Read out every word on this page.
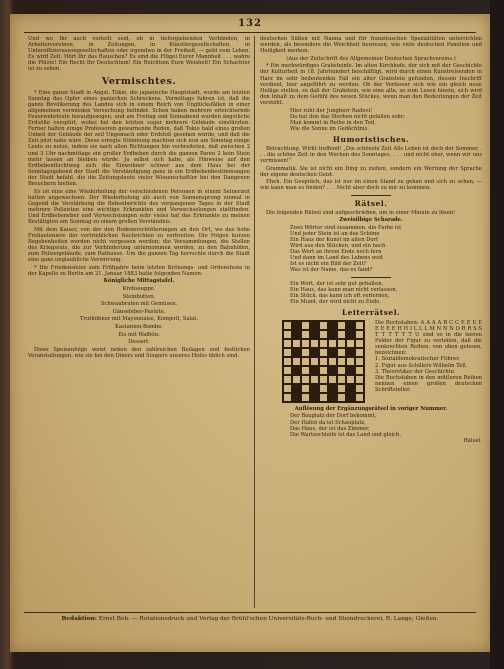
132

Und wo Ihr auch vorteilt seid, ob in tieforgiehenden Verbänden, in Arbeitervereinen, in Zeitungen, in Künstlergesellschaften, in Unteroffizierassongesellschaften oder irgendwo in der Freiheit, — gebt vom Leben. Es wird Zeit. Hört Ihr das Rauschen? Es sind die Flügel Eurer Mannheit . . . wahre die Plüste! Ein Recht Ihr Deutschtum! Ein Reichtum Eure Weisheit! Ein Schachter ist zu sehen.

Vermischtes.

* Eine ganze Stadt in Angst. Tokio, die japanische Hauptstadt, wurde am letzten Sonntag das Opfer eines panischen Schreckens. Vormittags fuhren ist, daß die ganze Bevölkerung des Landes sich in einem Reich von Unglücksfällen in einer allgemeinen vermieden Versuchung befindet. Schon haben mehrere erleichternde Feuerwehrleute heraufgezogen, und am Freitag und Sonnabend wurden ängstliche Erdsöße verspürt, wobei bei den letzten sogar mehrere Gebäude einstürzten. Ferner halten einige Professoren gewarnende Reden, daß Tokio bald eines großen Unheil der Gebäude der zeil Ungemach oder Erdstoß gesehen würde, und daß die Zeit jetzt nahe wäre. Diese erregte Stimmung machten sich nun am Sonntag einige Leute zu nutze, indem sie nach allen Richtungen hin verbreiteten, daß zwischen 2 und 3 Uhr nachmittags ein großer Erdbeben durch die ganzen Paren 2 kein Stein mehr lassen an bleiben würde. Ja selbst sich habe, als Hinweise auf den Erdbebenfluchtweg sich die Einwohner schwer aus dem Haus bei der Sonntagsgebend der Stadt die Verständigung ganz in ein Erdbebenbestimmungen der Stadt befahl, die die Zeitungsleute vieler Wissenschaftler bei den Dangenen Besuchern hielten.

Es ist eine eine Wiederholung der verschiedenen Personen in einem Seinerzeit hatten angewachsen. Der Wiederholung als auch von Sonnensprung einmal in Gegend die Verstärkung die Bebenberichte des vergangenen Tages in der Stadt mehrere Polizisten eine wichtige Erkrankten und Verwechselungen stattfinden. Und Erdbebeneber und Verwechslungen sehr vieles hat das Erkrankte zu meinen Bestätigten am Sonntag zu einem großen Verständnis.

Mit dem Kaiser, von der den Bodenerschütterungen an den Ort, wo das hohe Freilauteniere der vertrieblichen Nachrichten zu verbreiten. Die Folgen kurzen Begebenheiten werden nicht vergessen werden; die Versammlungen, die Stellen des Kriegsrats, die zur Verhinderung unternommen worden, zu den Bahnhöfen, zum Polizeigebäude, zum Rathause. Um die ganzen Tag herrschte durch die Stadt eine ganz unglaubliche Verwirrung.

* Die Friedensfeier zum Frühjahre beim letzten Krönungs- und Ordensfeste in der Kapelle zu Berlin am 21. Januar 1883 hatte folgenden Namen:

Königliche Mittagstafel.

Krebssuppe.

Steinbutten.

Schwanbraten mit Gemüsen.

Gänseleber-Pastete.

Truthühner mit Mayonnaise, Kompott, Salat.

Kastanien-Bombe.

Eis mit Waffeln.

Dessert.

Diese Speisenfolge weist neben den zahlreichen Beilagen und festlichen Veranstaltungen, wie sie bei den Diners und Soupers unseres Hofes üblich sind.

deutschen Süßen mit Nanna und für französischen Spezialitäten unterrichten werden, als besonders die Weichheit bewiesen, wie viele deutschen Familien und Heiligkeit merken.

(Aus der Zeitschrift des Allgemeinen Deutschen Sprachvereins.)

* Ein merkwürdiges Grabsteinfe. Im alten Kirchhofe, der sich mit der Geschichte der Kulturheit in 18. Jahrhundert beschäftigt, wird durch einen Kunstreisenden in Harz im sehr bedeutenden Fall ein alter Grabstein gefunden, dessen Inschrift verdient, hier angeführt zu werden. Ob der Verfasser sich wie ein gleich neue Heilige stellen, so daß der Grabstein, wie eine alte, so zum Lesen hinein, sich wird den Inhalt zu dem Gefühl des neuen Stückes, wenn man den Bedeutungen der Zeit versteht.

Hier ruht der Jungherr Radevi!
Da hat ihm das Sterben nicht gefallen sehr;
Man kommt in Reihe in den Tod,
Wie die Sonne im Gedächtnis.
Humoristisches.

Betrachtung. Wirkt treffend! „Die schönste Zeit Alls Leben ist doch der Sommer, . . . die schöne Zeit in den Wochen des Sonntages, . . . und nicht eher, wenn wir uns vermissen!“

Grammatik. Sie ist nicht ein Ding zu ziehen, sondern ein Wertung der Sprache der eigene deutschen Geist.

Eheh. Ein Gespräch, das ist nur im einen Stand zu gehen und sich zu sehen, — wie kann man es finden? . . . Nicht aber doch zu mir zu kommen.

Rätsel.

Die folgenden Rätsel sind aufgeschrieben, um in einer Minute zu lösen!

Zweisilbige Scharade.

Zwei Wörter sind zusammen, die Farbe ist
Und jeder Stein ist an das Schöne
Ein Haus der Kunst im alten Dorf
Wird aus den Stücken, und ein hoch
Das Wort an ihrem Ende noch fern
Und dann im Land des Lebens weit
Ist es nicht ein Bild der Zeit?
Was ist der Name, das es fand?
Ein Wort, der ist sehr gut gehalten,
Ein Haus, das kann man nicht verlassen,
Ein Stück, das kann ich oft verlernen,
Ein Mund, der wird nicht zu Ende.
Leiterrätsel.
Die Buchstaben: A A A A B C C E E E E E E E E H H I L L L M N N N O R R S S T T T T T T U sind so in die leeren Felder der Figur zu verteilen, daß die senkrechten Reihen, von oben gelesen, bezeichnen:
1. Sozialdemokratischer Führer.
2. Figur aus Schillers Wilhelm Tell.
3. Theoretiker der Geschichte.
Die Buchstaben in den mittleren Reihen nennen einen großen deutschen Schriftsteller.

Auflösung der Ergänzungsrätsel in voriger Nummer.

Der Bauplatz der Dorf bekommt,
Der Hafen da ist Schauplatz,
Das Haus, der ist das Zimmer,
Die Warteschleife ist das Land und gleich.

Rätsel.

Redaktion: Ernst Beh. — Rotationsdruck und Verlag der Brühl'schen Universitäts-Buch- und Steindruckerei, R. Lange, Gießen.
